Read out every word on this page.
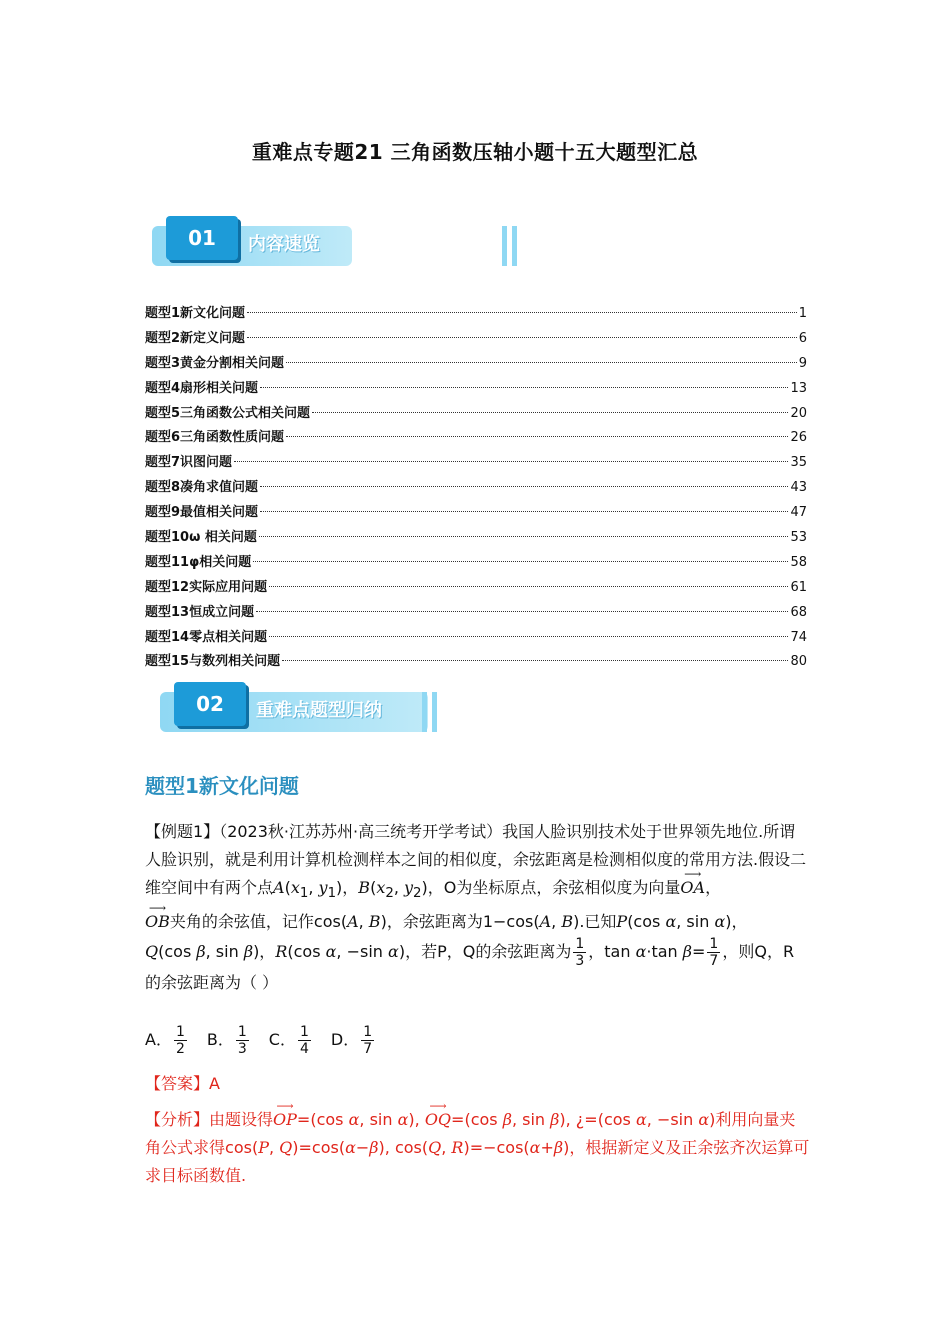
重难点专题21 三角函数压轴小题十五大题型汇总
01	内容速览
题型1新文化问题	1
题型2新定义问题	6
题型3黄金分割相关问题	9
题型4扇形相关问题	13
题型5三角函数公式相关问题	20
题型6三角函数性质问题	26
题型7识图问题	35
题型8凑角求值问题	43
题型9最值相关问题	47
题型10ω 相关问题	53
题型11φ相关问题	58
题型12实际应用问题	61
题型13恒成立问题	68
题型14零点相关问题	74
题型15与数列相关问题	80
02	重难点题型归纳
题型1新文化问题
【例题1】（2023秋·江苏苏州·高三统考开学考试）我国人脸识别技术处于世界领先地位.所谓人脸识别，就是利用计算机检测样本之间的相似度，余弦距离是检测相似度的常用方法.假设二维空间中有两个点$A(x_1$, $y_1$)，$B(x_2$, $y_2$)，O为坐标原点，余弦相似度为向量⟶ OA，
⟶ OB夹角的余弦值，记作cos(A, B)，余弦距离为1−cos(A, B).已知P(cos α, sin α)，
Q(cos β, sin β)，R(cos α, −sin α)，若P，Q的余弦距离为 $\frac{1}{3}$ ，tan α·tan $\beta= \frac{1}{7}$ ，则Q，R
的余弦距离为（ ）
A． $\frac{1}{2}$ B． $\frac{1}{3}$ C． $\frac{1}{4}$ D． $\frac{1}{7}$
【答案】A
【分析】由题设得⟶ OP=(cos α, sin α), ⟶ OQ=(cos β, sin β), ¿=(cos α, −sin α)利用向量夹角公式求得cos(P, Q)=cos(α−β), cos(Q, R)=−cos(α+β)，根据新定义及正余弦齐次运算可求目标函数值.
